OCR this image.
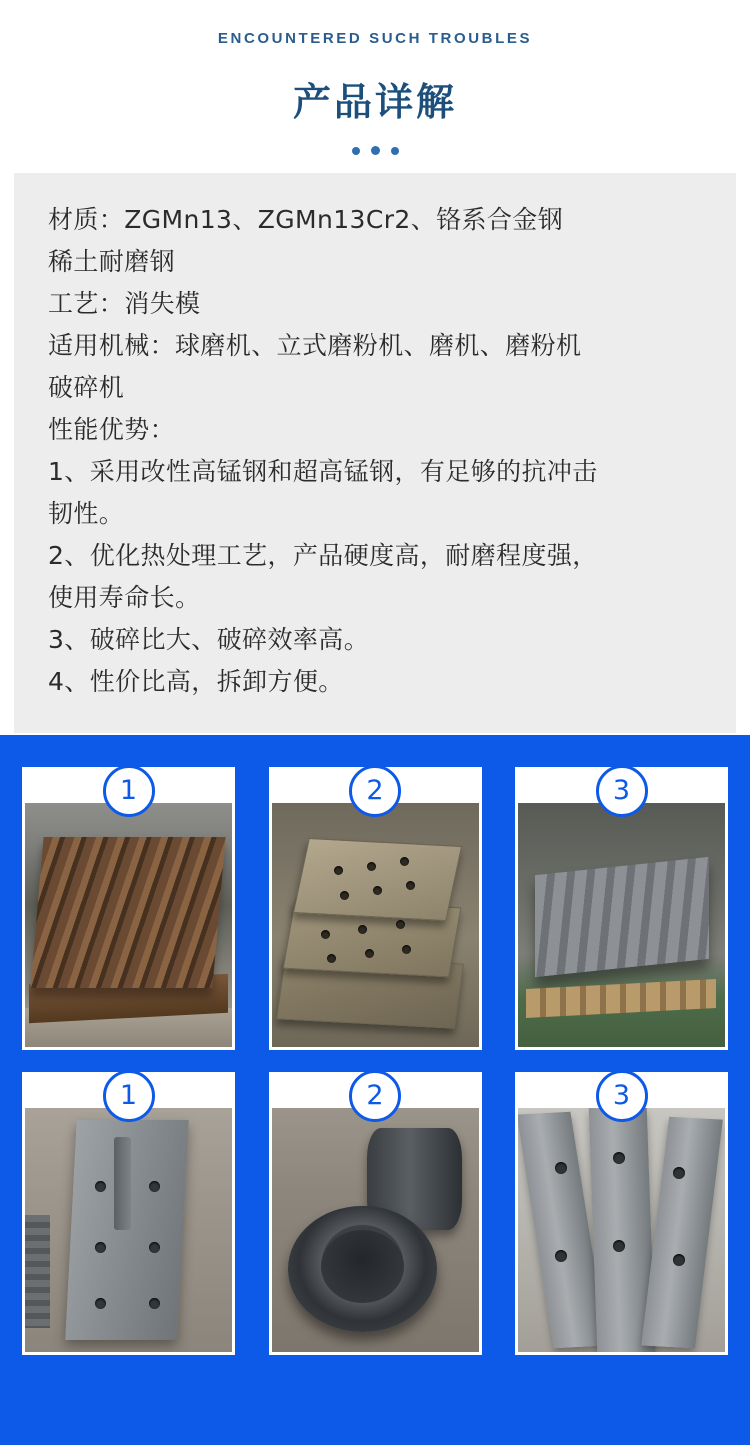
ENCOUNTERED SUCH TROUBLES
产品详解
材质：ZGMn13、ZGMn13Cr2、铬系合金钢
稀土耐磨钢
工艺：消失模
适用机械：球磨机、立式磨粉机、磨机、磨粉机
破碎机
性能优势：
1、采用改性高锰钢和超高锰钢，有足够的抗冲击
韧性。
2、优化热处理工艺，产品硬度高，耐磨程度强，
使用寿命长。
3、破碎比大、破碎效率高。
4、性价比高，拆卸方便。
1	2	3
1	2	3
